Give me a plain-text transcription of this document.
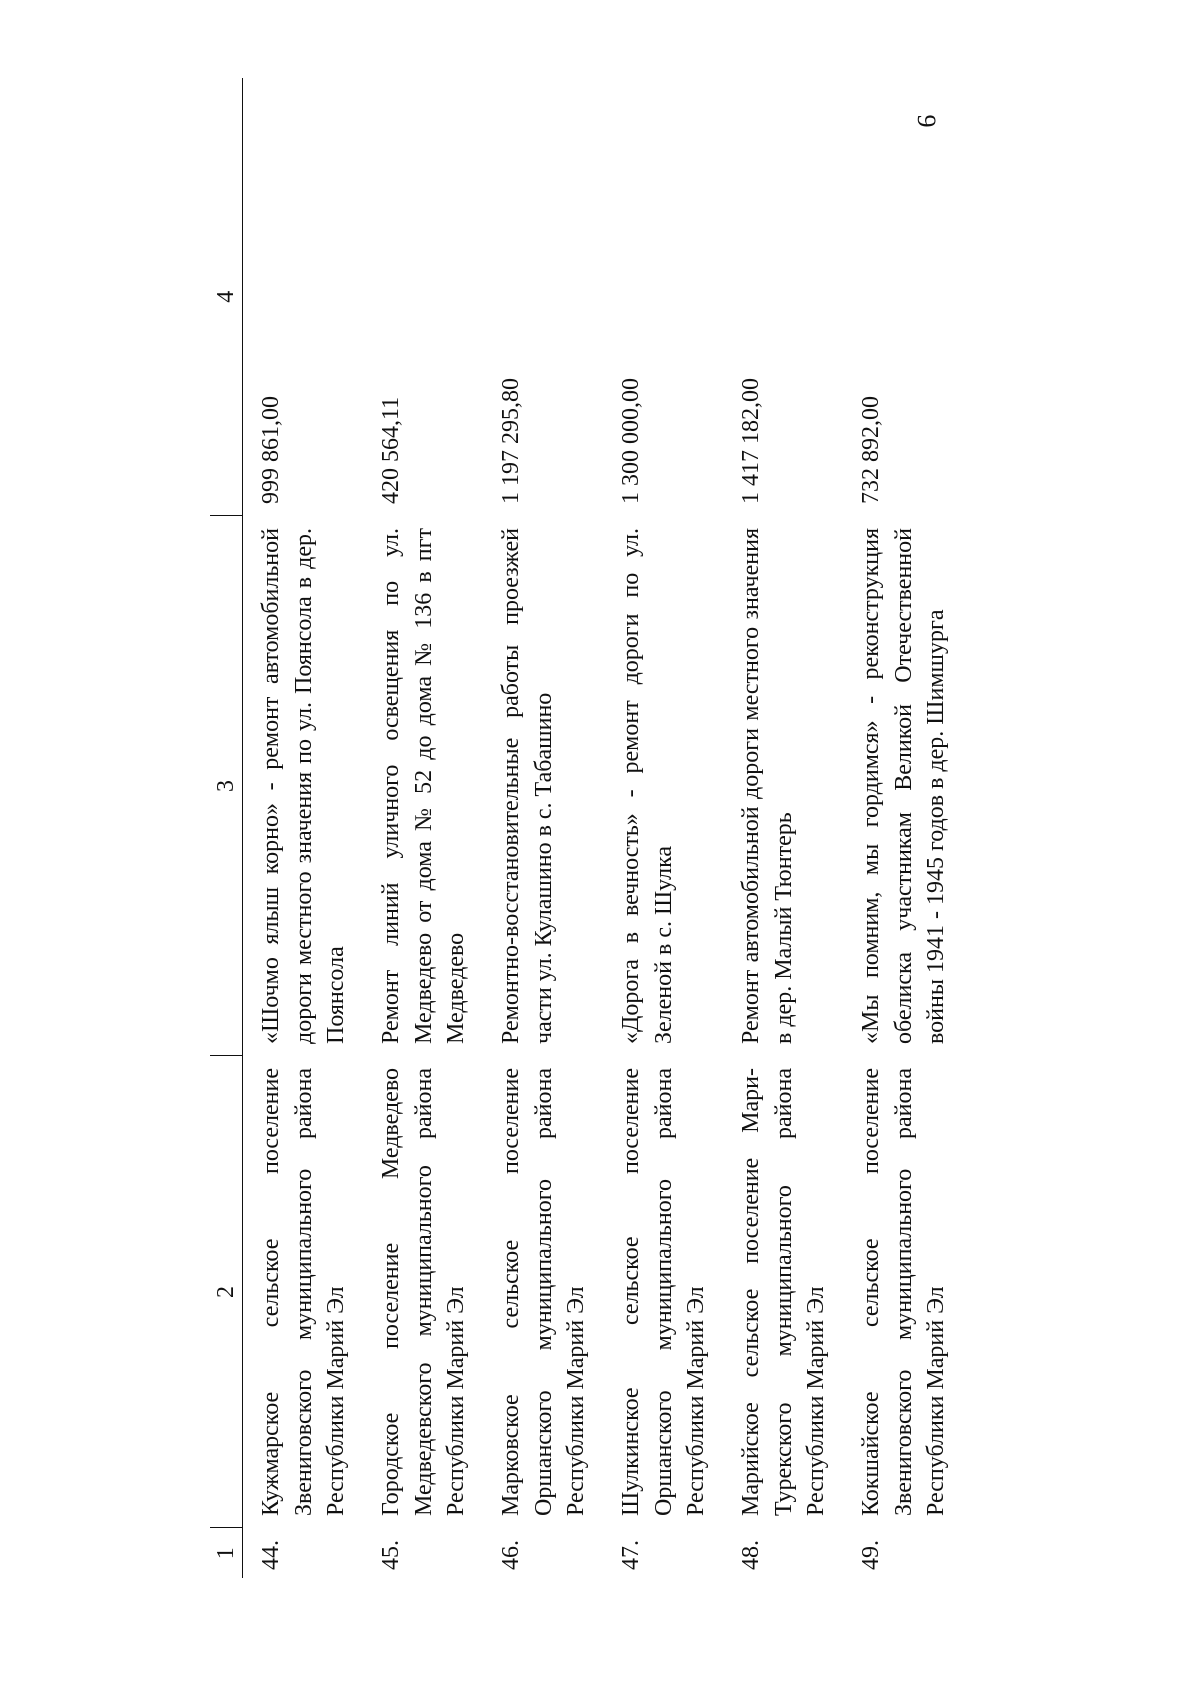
9
1	2	3	4
44.	Кужмарское сельское поселение Звениговского муниципального района Республики Марий Эл	«Шочмо ялыш корно» - ремонт автомобильной дороги местного значения по ул. Поянсола в дер. Поянсола	999 861,00
45.	Городское поселение Медведево Медведевского муниципального района Республики Марий Эл	Ремонт линий уличного освещения по ул. Медведево от дома № 52 до дома № 136 в пгт Медведево	420 564,11
46.	Марковское сельское поселение Оршанского муниципального района Республики Марий Эл	Ремонтно-восстановительные работы проезжей части ул. Кулашино в с. Табашино	1 197 295,80
47.	Шулкинское сельское поселение Оршанского муниципального района Республики Марий Эл	«Дорога в вечность» - ремонт дороги по ул. Зеленой в с. Шулка	1 300 000,00
48.	Марийское сельское поселение Мари-Турекского муниципального района Республики Марий Эл	Ремонт автомобильной дороги местного значения в дер. Малый Тюнтерь	1 417 182,00
49.	Кокшайское сельское поселение Звениговского муниципального района Республики Марий Эл	«Мы помним, мы гордимся» - реконструкция обелиска участникам Великой Отечественной войны 1941 - 1945 годов в дер. Шимшурга	732 892,00
